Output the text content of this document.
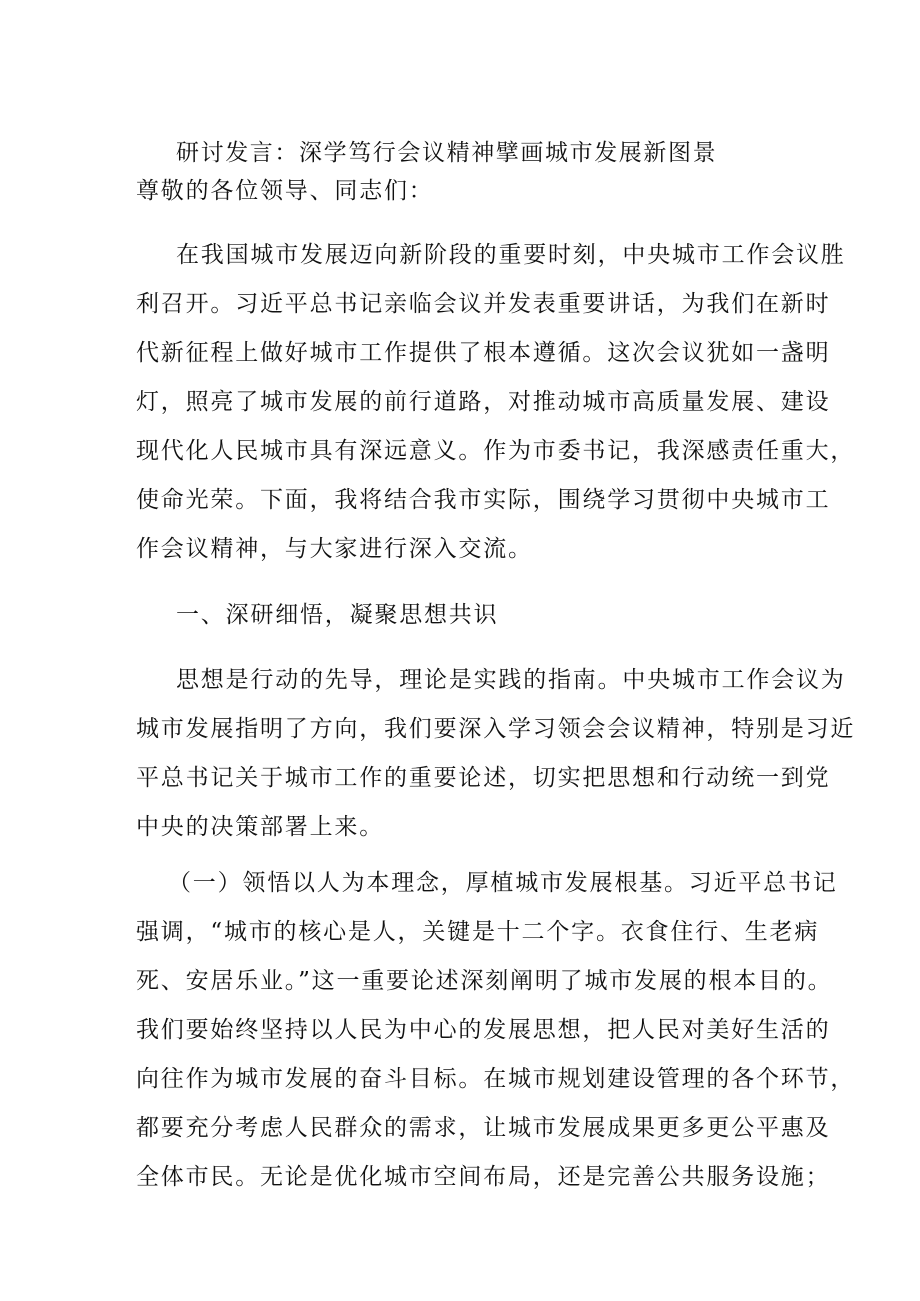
研讨发言：深学笃行会议精神擘画城市发展新图景
尊敬的各位领导、同志们：
在我国城市发展迈向新阶段的重要时刻，中央城市工作会议胜
利召开。习近平总书记亲临会议并发表重要讲话，为我们在新时
代新征程上做好城市工作提供了根本遵循。这次会议犹如一盏明
灯，照亮了城市发展的前行道路，对推动城市高质量发展、建设
现代化人民城市具有深远意义。作为市委书记，我深感责任重大，
使命光荣。下面，我将结合我市实际，围绕学习贯彻中央城市工
作会议精神，与大家进行深入交流。
一、深研细悟，凝聚思想共识
思想是行动的先导，理论是实践的指南。中央城市工作会议为
城市发展指明了方向，我们要深入学习领会会议精神，特别是习近
平总书记关于城市工作的重要论述，切实把思想和行动统一到党
中央的决策部署上来。
（一）领悟以人为本理念，厚植城市发展根基。习近平总书记
强调，“城市的核心是人，关键是十二个字。衣食住行、生老病
死、安居乐业。”这一重要论述深刻阐明了城市发展的根本目的。
我们要始终坚持以人民为中心的发展思想，把人民对美好生活的
向往作为城市发展的奋斗目标。在城市规划建设管理的各个环节，
都要充分考虑人民群众的需求，让城市发展成果更多更公平惠及
全体市民。无论是优化城市空间布局，还是完善公共服务设施；
